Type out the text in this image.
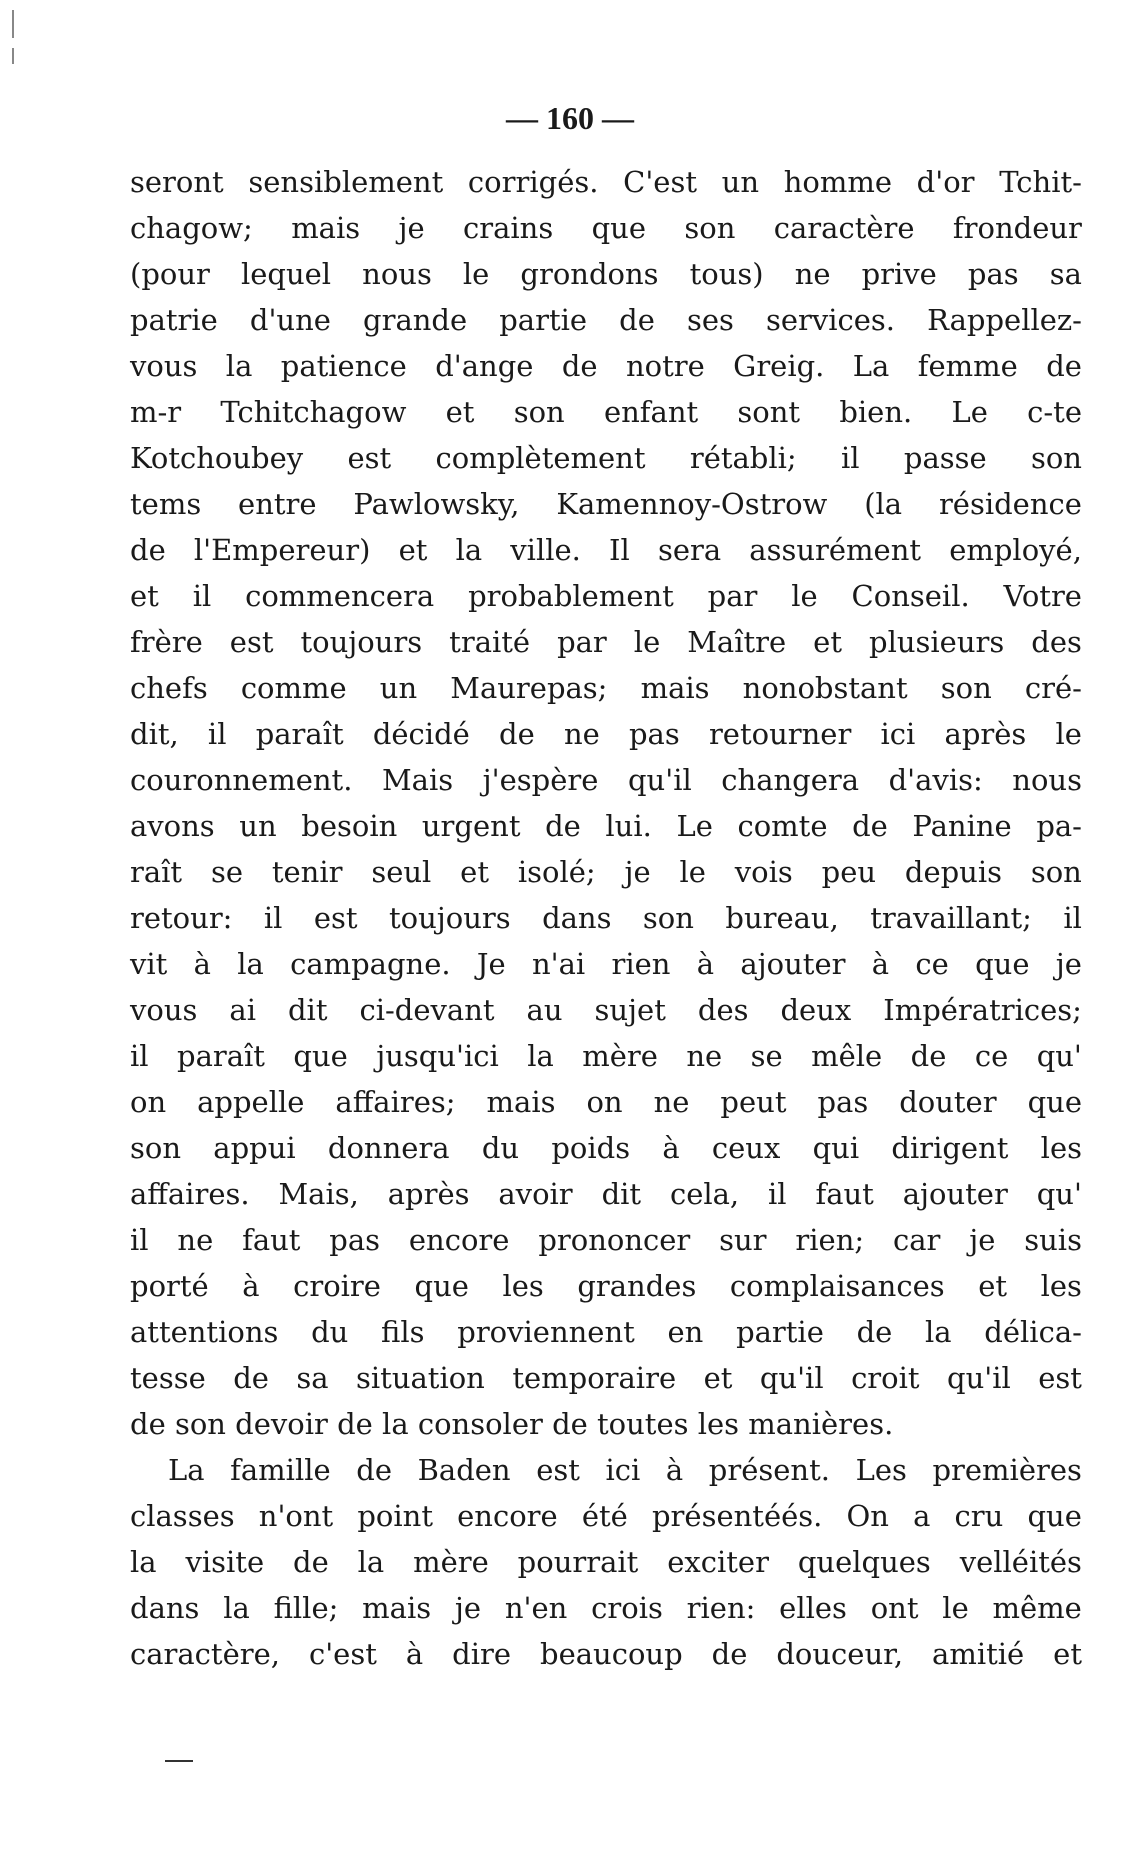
— 160 —
seront sensiblement corrigés. C'est un homme d'or Tchit-
chagow; mais je crains que son caractère frondeur
(pour lequel nous le grondons tous) ne prive pas sa
patrie d'une grande partie de ses services. Rappellez-
vous la patience d'ange de notre Greig. La femme de
m-r Tchitchagow et son enfant sont bien. Le c-te
Kotchoubey est complètement rétabli; il passe son
tems entre Pawlowsky, Kamennoy-Ostrow (la résidence
de l'Empereur) et la ville. Il sera assurément employé,
et il commencera probablement par le Conseil. Votre
frère est toujours traité par le Maître et plusieurs des
chefs comme un Maurepas; mais nonobstant son cré-
dit, il paraît décidé de ne pas retourner ici après le
couronnement. Mais j'espère qu'il changera d'avis: nous
avons un besoin urgent de lui. Le comte de Panine pa-
raît se tenir seul et isolé; je le vois peu depuis son
retour: il est toujours dans son bureau, travaillant; il
vit à la campagne. Je n'ai rien à ajouter à ce que je
vous ai dit ci-devant au sujet des deux Impératrices;
il paraît que jusqu'ici la mère ne se mêle de ce qu'
on appelle affaires; mais on ne peut pas douter que
son appui donnera du poids à ceux qui dirigent les
affaires. Mais, après avoir dit cela, il faut ajouter qu'
il ne faut pas encore prononcer sur rien; car je suis
porté à croire que les grandes complaisances et les
attentions du fils proviennent en partie de la délica-
tesse de sa situation temporaire et qu'il croit qu'il est
de son devoir de la consoler de toutes les manières.
La famille de Baden est ici à présent. Les premières
classes n'ont point encore été présentéés. On a cru que
la visite de la mère pourrait exciter quelques velléités
dans la fille; mais je n'en crois rien: elles ont le même
caractère, c'est à dire beaucoup de douceur, amitié et
